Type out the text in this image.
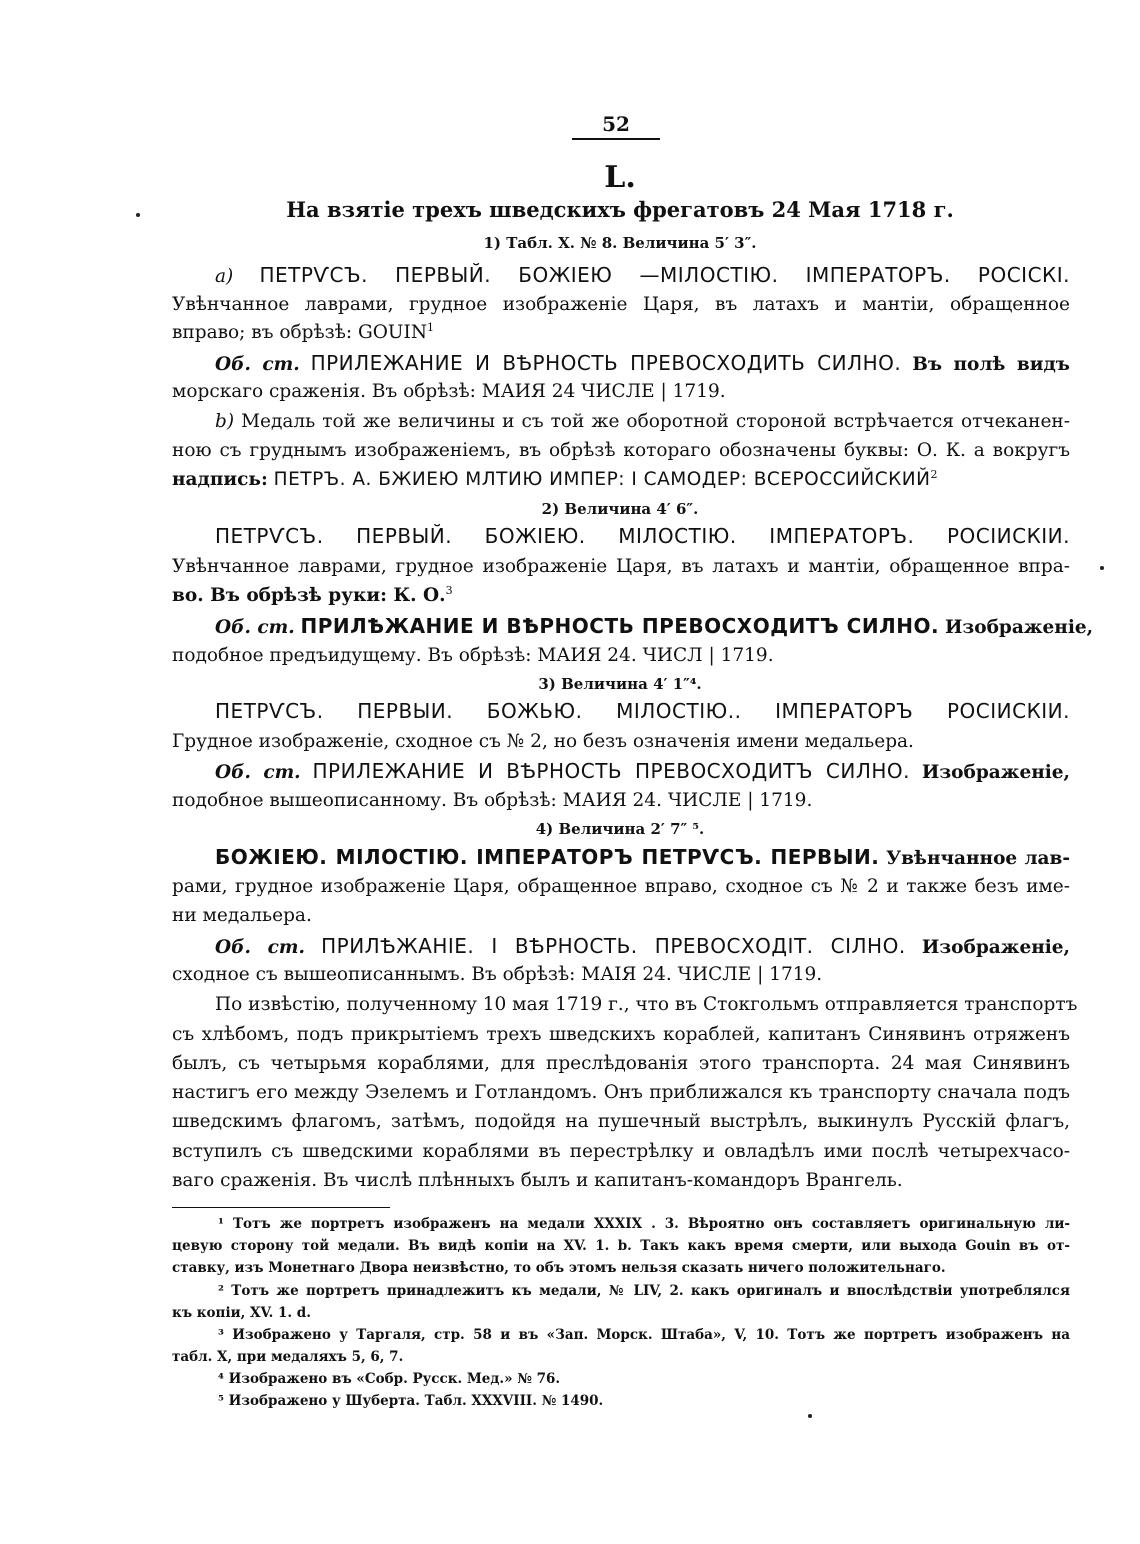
52
L.
На взятіе трехъ шведскихъ фрегатовъ 24 Мая 1718 г.
1) Табл. X. № 8. Величина 5′ 3″.
a) ПЕТРѴСЪ. ПЕРВЫЙ. БОЖІЕЮ —МІЛОСТІЮ. ІМПЕРАТОРЪ. РОСІСКІ.
Увѣнчанное лаврами, грудное изображеніе Царя, въ латахъ и мантіи, обращенное
вправо; въ обрѣзѣ: GOUIN$^1$
Об. ст. ПРИЛЕЖАНИЕ И ВѢРНОСТЬ ПРЕВОСХОДИТЬ СИЛНО. Въ полѣ видъ
морскаго сраженія. Въ обрѣзѣ: МАИЯ 24 ЧИСЛЕ | 1719.
b) Медаль той же величины и съ той же оборотной стороной встрѣчается отчеканен-
ною съ груднымъ изображеніемъ, въ обрѣзѣ котораго обозначены буквы: О. К. а вокругъ
надпись: ПЕТРЪ. А. БЖИЕЮ МЛТИЮ ИМПЕР: І САМОДЕР: ВСЕРОССИЙСКИЙ$^2$
2) Величина 4′ 6″.
ПЕТРѴСЪ. ПЕРВЫЙ. БОЖІЕЮ. МІЛОСТІЮ. ІМПЕРАТОРЪ. РОСІИСКІИ.
Увѣнчанное лаврами, грудное изображеніе Царя, въ латахъ и мантіи, обращенное впра-
во. Въ обрѣзѣ руки: К. О.$^3$
Об. ст. ПРИЛѢЖАНИЕ И ВѢРНОСТЬ ПРЕВОСХОДИТЪ СИЛНО. Изображеніе,
подобное предъидущему. Въ обрѣзѣ: МАИЯ 24. ЧИСЛ | 1719.
3) Величина 4′ 1″⁴.
ПЕТРѴСЪ. ПЕРВЫИ. БОЖЬЮ. МІЛОСТІЮ.. ІМПЕРАТОРЪ РОСІИСКІИ.
Грудное изображеніе, сходное съ № 2, но безъ означенія имени медальера.
Об. ст. ПРИЛЕЖАНИЕ И ВѢРНОСТЬ ПРЕВОСХОДИТЪ СИЛНО. Изображеніе,
подобное вышеописанному. Въ обрѣзѣ: МАИЯ 24. ЧИСЛЕ | 1719.
4) Величина 2′ 7″ ⁵.
БОЖІЕЮ. МІЛОСТІЮ. ІМПЕРАТОРЪ ПЕТРѴСЪ. ПЕРВЫИ. Увѣнчанное лав-
рами, грудное изображеніе Царя, обращенное вправо, сходное съ № 2 и также безъ име-
ни медальера.
Об. ст. ПРИЛѢЖАНІЕ. І ВѢРНОСТЬ. ПРЕВОСХОДІТ. СІЛНО. Изображеніе,
сходное съ вышеописаннымъ. Въ обрѣзѣ: МАІЯ 24. ЧИСЛЕ | 1719.
По извѣстію, полученному 10 мая 1719 г., что въ Стокгольмъ отправляется транспортъ
съ хлѣбомъ, подъ прикрытіемъ трехъ шведскихъ кораблей, капитанъ Синявинъ отряженъ
былъ, съ четырьмя кораблями, для преслѣдованія этого транспорта. 24 мая Синявинъ
настигъ его между Эзелемъ и Готландомъ. Онъ приближался къ транспорту сначала подъ
шведскимъ флагомъ, затѣмъ, подойдя на пушечный выстрѣлъ, выкинулъ Русскій флагъ,
вступилъ съ шведскими кораблями въ перестрѣлку и овладѣлъ ими послѣ четырехчасо-
ваго сраженія. Въ числѣ плѣнныхъ былъ и капитанъ-командоръ Врангель.
¹ Тотъ же портретъ изображенъ на медали XXXIX . 3. Вѣроятно онъ составляетъ оригинальную ли-
цевую сторону той медали. Въ видѣ копіи на XV. 1. b. Такъ какъ время смерти, или выхода Gouin въ от-
ставку, изъ Монетнаго Двора неизвѣстно, то объ этомъ нельзя сказать ничего положительнаго.
² Тотъ же портретъ принадлежитъ къ медали, № LIV, 2. какъ оригиналъ и впослѣдствіи употреблялся
къ копіи, XV. 1. d.
³ Изображено у Таргаля, стр. 58 и въ «Зап. Морск. Штаба», V, 10. Тотъ же портретъ изображенъ на
табл. X, при медаляхъ 5, 6, 7.
⁴ Изображено въ «Собр. Русск. Мед.» № 76.
⁵ Изображено у Шуберта. Табл. XXXVIII. № 1490.
